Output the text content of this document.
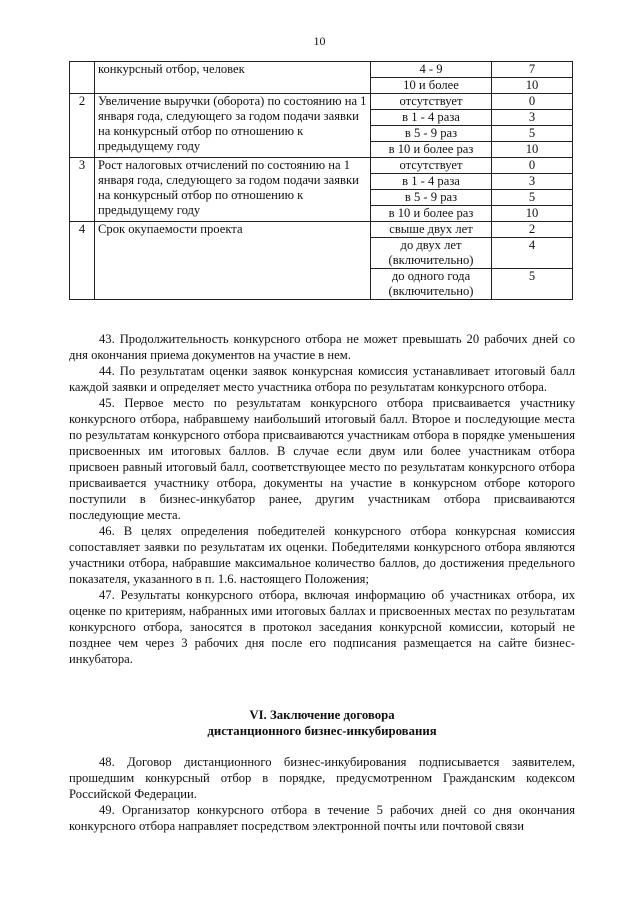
10
	конкурсный отбор, человек	4 - 9	7
		10 и более	10
2	Увеличение выручки (оборота) по состоянию на 1 января года, следующего за годом подачи заявки на конкурсный отбор по отношению к предыдущему году	отсутствует	0
		в 1 - 4 раза	3
		в 5 - 9 раз	5
		в 10 и более раз	10
3	Рост налоговых отчислений по состоянию на 1 января года, следующего за годом подачи заявки на конкурсный отбор по отношению к предыдущему году	отсутствует	0
		в 1 - 4 раза	3
		в 5 - 9 раз	5
		в 10 и более раз	10
4	Срок окупаемости проекта	свыше двух лет	2
		до двух лет (включительно)	4
		до одного года (включительно)	5

43. Продолжительность конкурсного отбора не может превышать 20 рабочих дней со дня окончания приема документов на участие в нем.

44. По результатам оценки заявок конкурсная комиссия устанавливает итоговый балл каждой заявки и определяет место участника отбора по результатам конкурсного отбора.

45. Первое место по результатам конкурсного отбора присваивается участнику конкурсного отбора, набравшему наибольший итоговый балл. Второе и последующие места по результатам конкурсного отбора присваиваются участникам отбора в порядке уменьшения присвоенных им итоговых баллов. В случае если двум или более участникам отбора присвоен равный итоговый балл, соответствующее место по результатам конкурсного отбора присваивается участнику отбора, документы на участие в конкурсном отборе которого поступили в бизнес-инкубатор ранее, другим участникам отбора присваиваются последующие места.

46. В целях определения победителей конкурсного отбора конкурсная комиссия сопоставляет заявки по результатам их оценки. Победителями конкурсного отбора являются участники отбора, набравшие максимальное количество баллов, до достижения предельного показателя, указанного в п. 1.6. настоящего Положения;

47. Результаты конкурсного отбора, включая информацию об участниках отбора, их оценке по критериям, набранных ими итоговых баллах и присвоенных местах по результатам конкурсного отбора, заносятся в протокол заседания конкурсной комиссии, который не позднее чем через 3 рабочих дня после его подписания размещается на сайте бизнес-инкубатора.

VI. Заключение договора
дистанционного бизнес-инкубирования

48. Договор дистанционного бизнес-инкубирования подписывается заявителем, прошедшим конкурсный отбор в порядке, предусмотренном Гражданским кодексом Российской Федерации.

49. Организатор конкурсного отбора в течение 5 рабочих дней со дня окончания конкурсного отбора направляет посредством электронной почты или почтовой связи
